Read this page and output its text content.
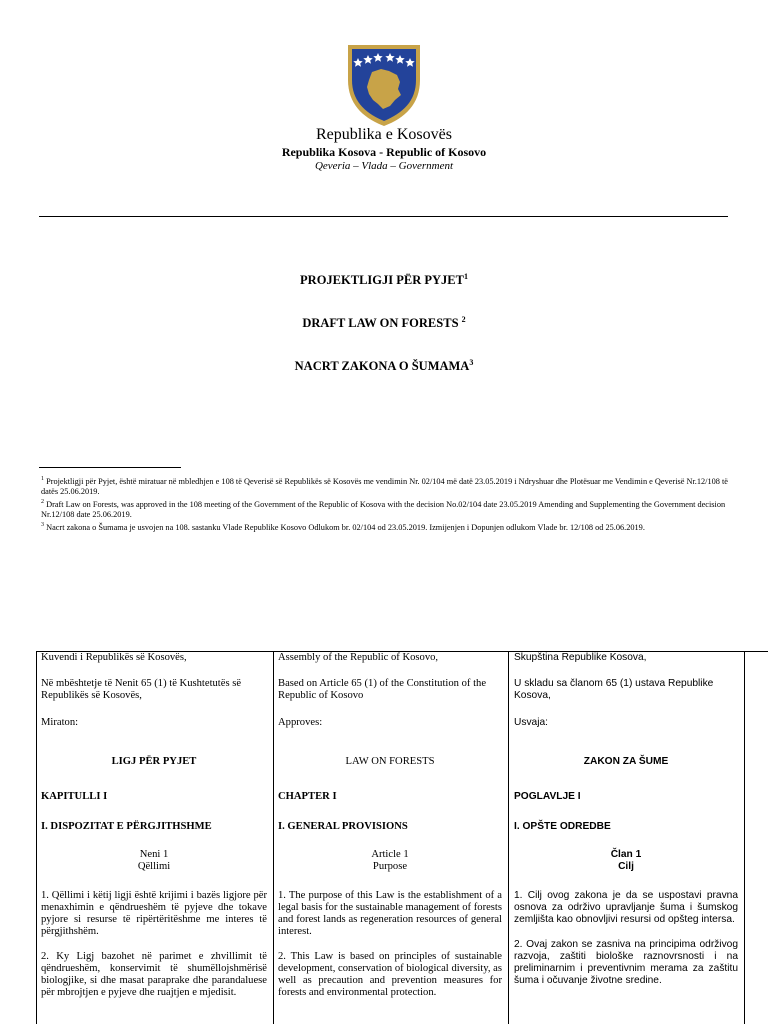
Republika e Kosovës
Republika Kosova - Republic of Kosovo
Qeveria – Vlada – Government
PROJEKTLIGJI PËR PYJET$^1$
DRAFT LAW ON FORESTS $^2$
NACRT ZAKONA O ŠUMAMA$^3$

$^1$ Projektligji për Pyjet, është miratuar në mbledhjen e 108 të Qeverisë së Republikës së Kosovës me vendimin Nr. 02/104 më datë 23.05.2019 i Ndryshuar dhe Plotësuar me Vendimin e Qeverisë Nr.12/108 të datës 25.06.2019.

$^2$ Draft Law on Forests, was approved in the 108 meeting of the Government of the Republic of Kosova with the decision No.02/104 date 23.05.2019 Amending and Supplementing the Government decision Nr.12/108 date 25.06.2019.

$^3$ Nacrt zakona o Šumama je usvojen na 108. sastanku Vlade Republike Kosovo Odlukom br. 02/104 od 23.05.2019. Izmijenjen i Dopunjen odlukom Vlade br. 12/108 od 25.06.2019.

Kuvendi i Republikës së Kosovës,

Në mbështetje të Nenit 65 (1) të Kushtetutës së Republikës së Kosovës,

Miraton:

LIGJ PËR PYJET

KAPITULLI I

I. DISPOZITAT E PËRGJITHSHME

Neni 1

Qëllimi

1. Qëllimi i këtij ligji është krijimi i bazës ligjore për menaxhimin e qëndrueshëm të pyjeve dhe tokave pyjore si resurse të ripërtëritëshme me interes të përgjithshëm.

2. Ky Ligj bazohet në parimet e zhvillimit të qëndrueshëm, konservimit të shumëllojshmërisë biologjike, si dhe masat paraprake dhe parandaluese për mbrojtjen e pyjeve dhe ruajtjen e mjedisit.

Assembly of the Republic of Kosovo,

Based on Article 65 (1) of the Constitution of the Republic of Kosovo

Approves:

LAW ON FORESTS

CHAPTER I

I. GENERAL PROVISIONS

Article 1

Purpose

1. The purpose of this Law is the establishment of a legal basis for the sustainable management of forests and forest lands as regeneration resources of general interest.

2. This Law is based on principles of sustainable development, conservation of biological diversity, as well as precaution and prevention measures for forests and environmental protection.

Skupština Republike Kosova,

U skladu sa članom 65 (1) ustava Republike Kosova,

Usvaja:

ZAKON ZA ŠUME

POGLAVLJE I

I. OPŠTE ODREDBE

Član 1

Cilj

1. Cilj ovog zakona je da se uspostavi pravna osnova za održivo upravljanje šuma i šumskog zemljišta kao obnovljivi resursi od opšteg intersa.

2. Ovaj zakon se zasniva na principima održivog razvoja, zaštiti biološke raznovrsnosti i na preliminarnim i preventivnim merama za zaštitu šuma i očuvanje životne sredine.
